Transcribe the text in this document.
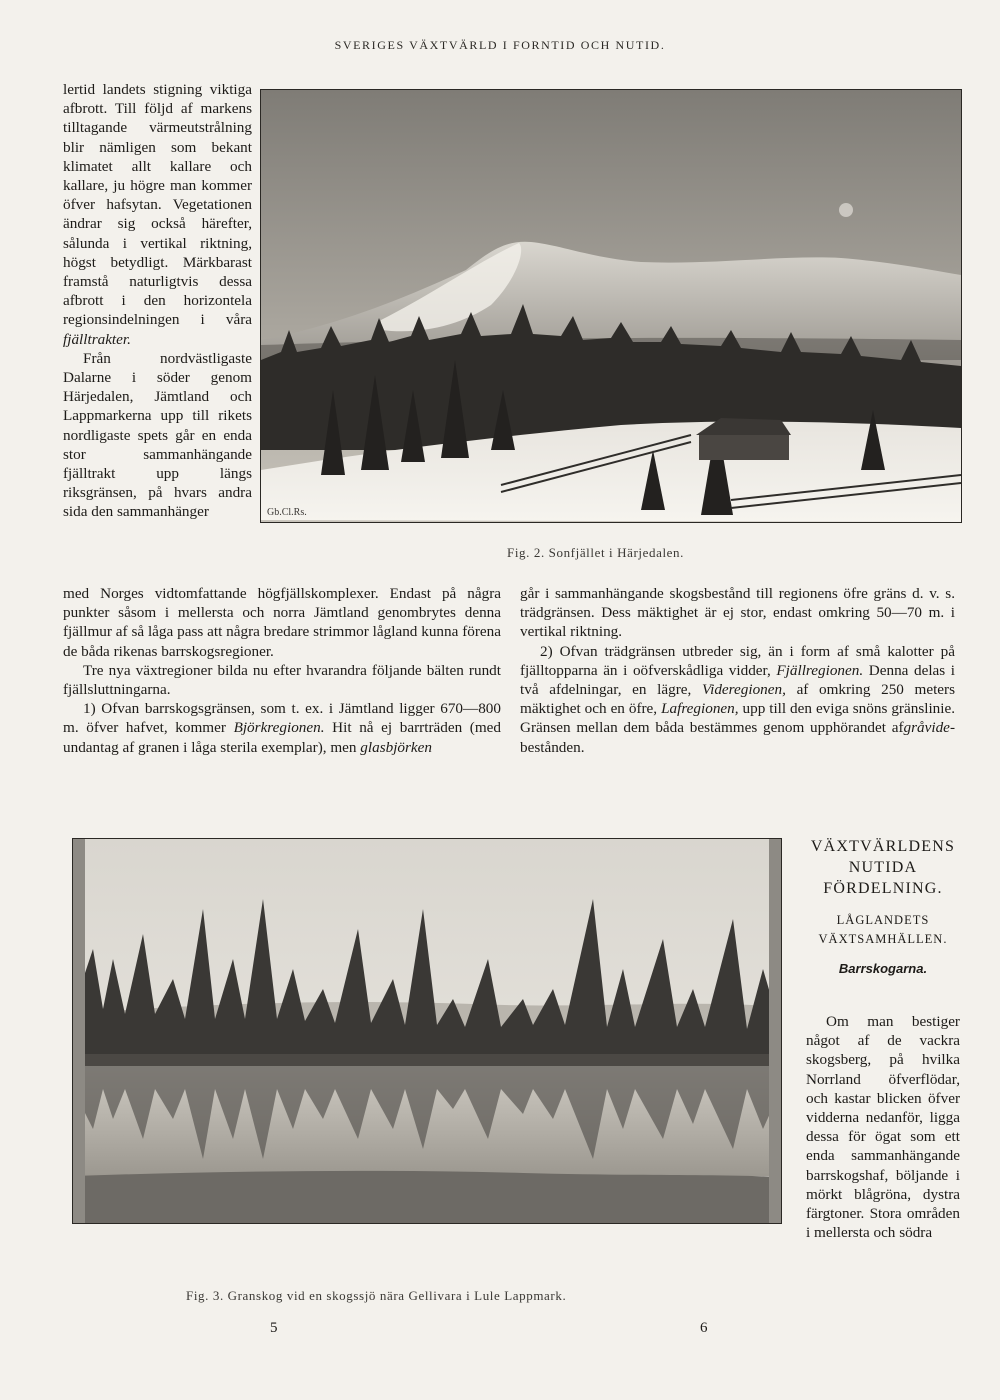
SVERIGES VÄXTVÄRLD I FORNTID OCH NUTID.

lertid landets stigning viktiga afbrott. Till följd af markens tilltagande värmeutstrålning blir nämligen som bekant klimatet allt kallare och kallare, ju högre man kommer öfver hafsytan. Vegetationen ändrar sig också härefter, sålunda i vertikal riktning, högst betydligt. Märkbarast framstå naturligtvis dessa afbrott i den horizontela regionsindelningen i våra fjälltrakter.

Från nordvästligaste Dalarne i söder genom Härjedalen, Jämtland och Lappmarkerna upp till rikets nordligaste spets går en enda stor sammanhängande fjälltrakt upp längs riksgränsen, på hvars andra sida den sammanhänger	Gb.Cl.Rs.
Fig. 2. Sonfjället i Härjedalen.

med Norges vidtomfattande högfjällskomplexer. Endast på några punkter såsom i mellersta och norra Jämtland genombrytes denna fjällmur af så låga pass att några bredare strimmor lågland kunna förena de båda rikenas barrskogsregioner.

Tre nya växtregioner bilda nu efter hvarandra följande bälten rundt fjällsluttningarna.

1) Ofvan barrskogsgränsen, som t. ex. i Jämtland ligger 670—800 m. öfver hafvet, kommer Björkregionen. Hit nå ej barrträden (med undantag af granen i låga sterila exemplar), men glasbjörken

går i sammanhängande skogsbestånd till regionens öfre gräns d. v. s. trädgränsen. Dess mäktighet är ej stor, endast omkring 50—70 m. i vertikal riktning.

2) Ofvan trädgränsen utbreder sig, än i form af små kalotter på fjälltopparna än i oöfverskådliga vidder, Fjällregionen. Denna delas i två afdelningar, en lägre, Videregionen, af omkring 250 meters mäktighet och en öfre, Lafregionen, upp till den eviga snöns gränslinie. Gränsen mellan dem båda bestämmes genom upphörandet afgråvide-bestånden.

Fig. 3. Granskog vid en skogssjö nära Gellivara i Lule Lappmark.
VÄXTVÄRLDENS NUTIDA FÖRDELNING.
LÅGLANDETS VÄXTSAMHÄLLEN.
Barrskogarna.

Om man bestiger något af de vackra skogsberg, på hvilka Norrland öfverflödar, och kastar blicken öfver vidderna nedanför, ligga dessa för ögat som ett enda sammanhängande barrskogshaf, böljande i mörkt blågröna, dystra färgtoner. Stora områden i mellersta och södra

5	6
